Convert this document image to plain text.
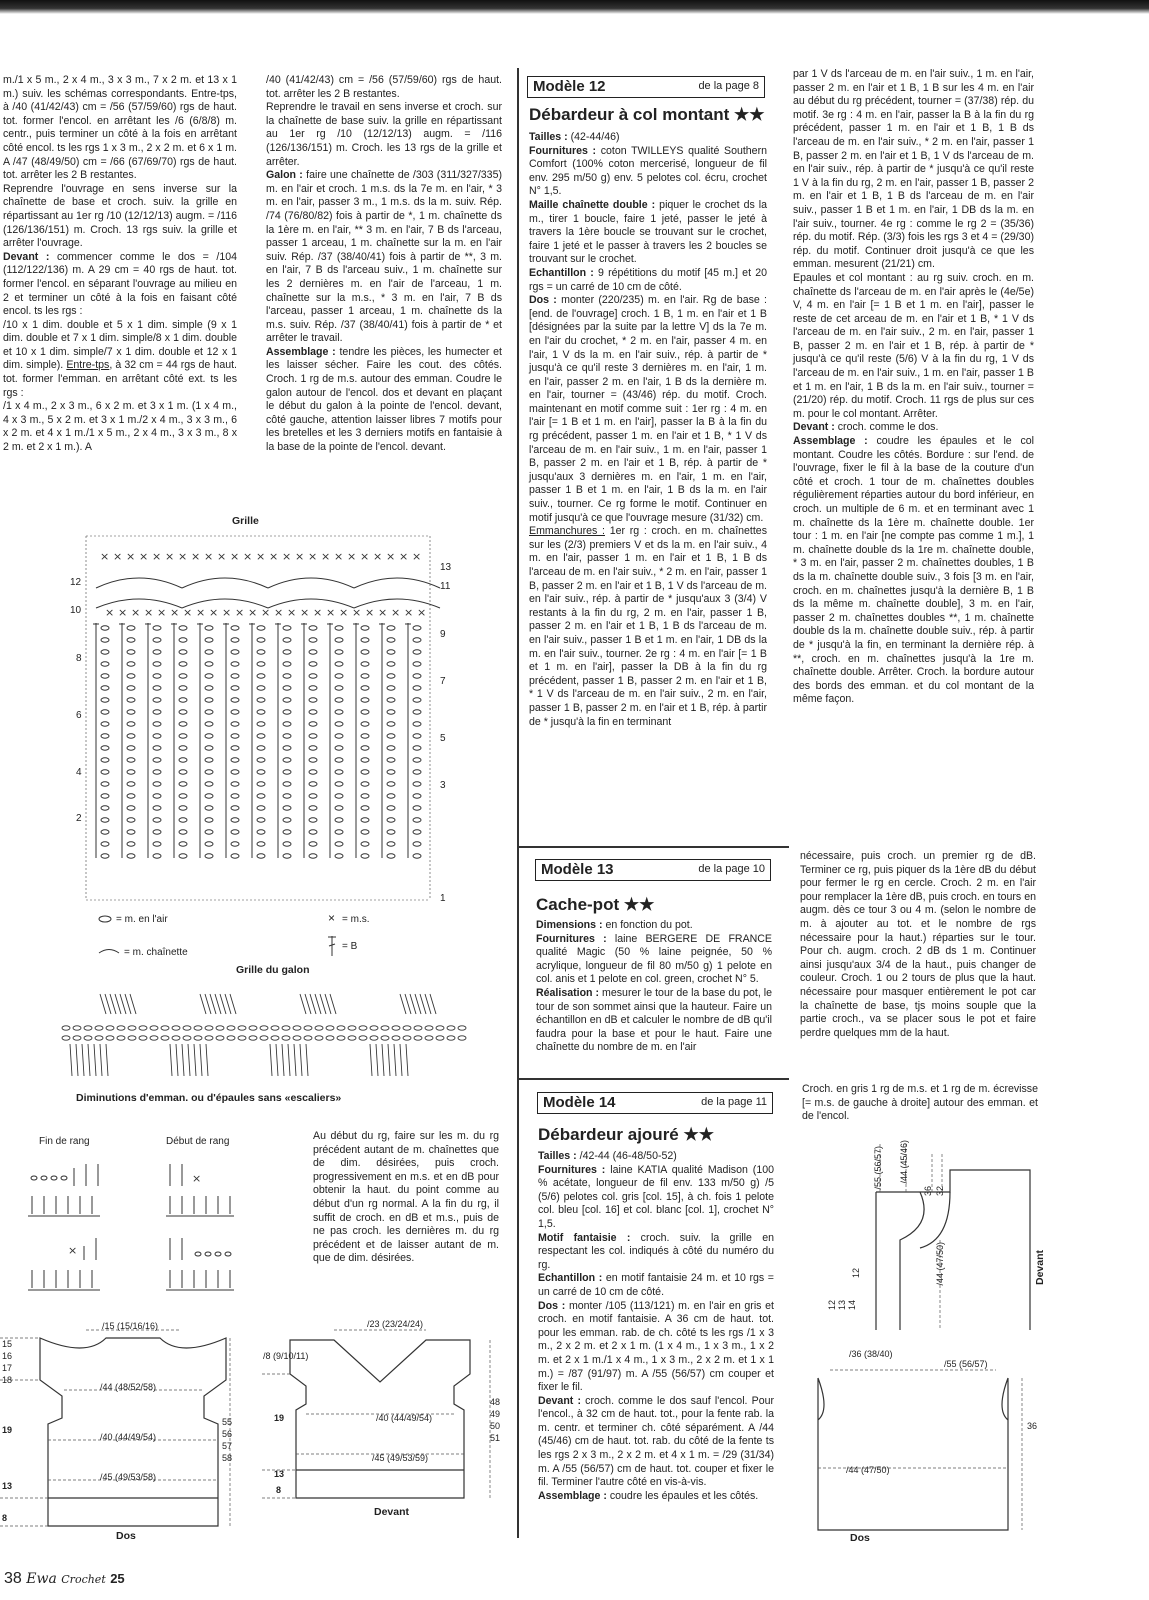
m./1 x 5 m., 2 x 4 m., 3 x 3 m., 7 x 2 m. et 13 x 1 m.) suiv. les schémas correspondants. Entre-tps, à /40 (41/42/43) cm = /56 (57/59/60) rgs de haut. tot. former l'encol. en arrêtant les /6 (6/8/8) m. centr., puis terminer un côté à la fois en arrêtant côté encol. ts les rgs 1 x 3 m., 2 x 2 m. et 6 x 1 m. A /47 (48/49/50) cm = /66 (67/69/70) rgs de haut. tot. arrêter les 2 B restantes.

Reprendre l'ouvrage en sens inverse sur la chaînette de base et croch. suiv. la grille en répartissant au 1er rg /10 (12/12/13) augm. = /116 (126/136/151) m. Croch. 13 rgs suiv. la grille et arrêter l'ouvrage.

Devant : commencer comme le dos = /104 (112/122/136) m. A 29 cm = 40 rgs de haut. tot. former l'encol. en séparant l'ouvrage au milieu en 2 et terminer un côté à la fois en faisant côté encol. ts les rgs :

/10 x 1 dim. double et 5 x 1 dim. simple (9 x 1 dim. double et 7 x 1 dim. simple/8 x 1 dim. double et 10 x 1 dim. simple/7 x 1 dim. double et 12 x 1 dim. simple). Entre-tps, à 32 cm = 44 rgs de haut. tot. former l'emman. en arrêtant côté ext. ts les rgs :

/1 x 4 m., 2 x 3 m., 6 x 2 m. et 3 x 1 m. (1 x 4 m., 4 x 3 m., 5 x 2 m. et 3 x 1 m./2 x 4 m., 3 x 3 m., 6 x 2 m. et 4 x 1 m./1 x 5 m., 2 x 4 m., 3 x 3 m., 8 x 2 m. et 2 x 1 m.). A

/40 (41/42/43) cm = /56 (57/59/60) rgs de haut. tot. arrêter les 2 B restantes.

Reprendre le travail en sens inverse et croch. sur la chaînette de base suiv. la grille en répartissant au 1er rg /10 (12/12/13) augm. = /116 (126/136/151) m. Croch. les 13 rgs de la grille et arrêter.

Galon : faire une chaînette de /303 (311/327/335) m. en l'air et croch. 1 m.s. ds la 7e m. en l'air, * 3 m. en l'air, passer 3 m., 1 m.s. ds la m. suiv. Rép. /74 (76/80/82) fois à partir de *, 1 m. chaînette ds la 1ère m. en l'air, ** 3 m. en l'air, 7 B ds l'arceau, passer 1 arceau, 1 m. chaînette sur la m. en l'air suiv. Rép. /37 (38/40/41) fois à partir de **, 3 m. en l'air, 7 B ds l'arceau suiv., 1 m. chaînette sur les 2 dernières m. en l'air de l'arceau, 1 m. chaînette sur la m.s., * 3 m. en l'air, 7 B ds l'arceau, passer 1 arceau, 1 m. chaînette ds la m.s. suiv. Rép. /37 (38/40/41) fois à partir de * et arrêter le travail.

Assemblage : tendre les pièces, les humecter et les laisser sécher. Faire les cout. des côtés. Croch. 1 rg de m.s. autour des emman. Coudre le galon autour de l'encol. dos et devant en plaçant le début du galon à la pointe de l'encol. devant, côté gauche, attention laisser libres 7 motifs pour les bretelles et les 3 derniers motifs en fantaisie à la base de la pointe de l'encol. devant.

Grille
×
×
×
×
×
×
×
×
×
×
×
×
×
×
×
×
×
×
×
×
×
×
×
×
×
×
×
×
×
×
×
×
×
×
×
×
×
×
×
×
×
×
×
×
×
×
×
×
×
×
12
10
8
6
4
2
13
11
9
7
5
3
1
= m. en l'air	× = m.s.
= m. chaînette
= B
Grille du galon
Diminutions d'emman. ou d'épaules sans «escaliers»
Fin de rang	Début de rang
×
×
Au début du rg, faire sur les m. du rg précédent autant de m. chaînettes que de dim. désirées, puis croch. progressivement en m.s. et en dB pour obtenir la haut. du point comme au début d'un rg normal. A la fin du rg, il suffit de croch. en dB et m.s., puis de ne pas croch. les dernières m. du rg précédent et de laisser autant de m. que de dim. désirées.
/15 (15/16/16)
/44 (48/52/58)
/40 (44/49/54)
/45 (49/53/58)
15
16
17
18
19
13
8
55
56
57
58
Dos
/23 (23/24/24)
/8 (9/10/11)
/40 (44/49/54)
/45 (49/53/59)
19
13
8
48
49
50
51
Devant
Modèle 12	de la page 8
Débardeur à col montant ★★

Tailles : (42-44/46)

Fournitures : coton TWILLEYS qualité Southern Comfort (100% coton mercerisé, longueur de fil env. 295 m/50 g) env. 5 pelotes col. écru, crochet N° 1,5.

Maille chaînette double : piquer le crochet ds la m., tirer 1 boucle, faire 1 jeté, passer le jeté à travers la 1ère boucle se trouvant sur le crochet, faire 1 jeté et le passer à travers les 2 boucles se trouvant sur le crochet.

Echantillon : 9 répétitions du motif [45 m.] et 20 rgs = un carré de 10 cm de côté.

Dos : monter (220/235) m. en l'air. Rg de base : [end. de l'ouvrage] croch. 1 B, 1 m. en l'air et 1 B [désignées par la suite par la lettre V] ds la 7e m. en l'air du crochet, * 2 m. en l'air, passer 4 m. en l'air, 1 V ds la m. en l'air suiv., rép. à partir de * jusqu'à ce qu'il reste 3 dernières m. en l'air, 1 m. en l'air, passer 2 m. en l'air, 1 B ds la dernière m. en l'air, tourner = (43/46) rép. du motif. Croch. maintenant en motif comme suit : 1er rg : 4 m. en l'air [= 1 B et 1 m. en l'air], passer la B à la fin du rg précédent, passer 1 m. en l'air et 1 B, * 1 V ds l'arceau de m. en l'air suiv., 1 m. en l'air, passer 1 B, passer 2 m. en l'air et 1 B, rép. à partir de * jusqu'aux 3 dernières m. en l'air, 1 m. en l'air, passer 1 B et 1 m. en l'air, 1 B ds la m. en l'air suiv., tourner. Ce rg forme le motif. Continuer en motif jusqu'à ce que l'ouvrage mesure (31/32) cm.

Emmanchures : 1er rg : croch. en m. chaînettes sur les (2/3) premiers V et ds la m. en l'air suiv., 4 m. en l'air, passer 1 m. en l'air et 1 B, 1 B ds l'arceau de m. en l'air suiv., * 2 m. en l'air, passer 1 B, passer 2 m. en l'air et 1 B, 1 V ds l'arceau de m. en l'air suiv., rép. à partir de * jusqu'aux 3 (3/4) V restants à la fin du rg, 2 m. en l'air, passer 1 B, passer 2 m. en l'air et 1 B, 1 B ds l'arceau de m. en l'air suiv., passer 1 B et 1 m. en l'air, 1 DB ds la m. en l'air suiv., tourner. 2e rg : 4 m. en l'air [= 1 B et 1 m. en l'air], passer la DB à la fin du rg précédent, passer 1 B, passer 2 m. en l'air et 1 B, * 1 V ds l'arceau de m. en l'air suiv., 2 m. en l'air, passer 1 B, passer 2 m. en l'air et 1 B, rép. à partir de * jusqu'à la fin en terminant

par 1 V ds l'arceau de m. en l'air suiv., 1 m. en l'air, passer 2 m. en l'air et 1 B, 1 B sur les 4 m. en l'air au début du rg précédent, tourner = (37/38) rép. du motif. 3e rg : 4 m. en l'air, passer la B à la fin du rg précédent, passer 1 m. en l'air et 1 B, 1 B ds l'arceau de m. en l'air suiv., * 2 m. en l'air, passer 1 B, passer 2 m. en l'air et 1 B, 1 V ds l'arceau de m. en l'air suiv., rép. à partir de * jusqu'à ce qu'il reste 1 V à la fin du rg, 2 m. en l'air, passer 1 B, passer 2 m. en l'air et 1 B, 1 B ds l'arceau de m. en l'air suiv., passer 1 B et 1 m. en l'air, 1 DB ds la m. en l'air suiv., tourner. 4e rg : comme le rg 2 = (35/36) rép. du motif. Rép. (3/3) fois les rgs 3 et 4 = (29/30) rép. du motif. Continuer droit jusqu'à ce que les emman. mesurent (21/21) cm.

Epaules et col montant : au rg suiv. croch. en m. chaînette ds l'arceau de m. en l'air après le (4e/5e) V, 4 m. en l'air [= 1 B et 1 m. en l'air], passer le reste de cet arceau de m. en l'air et 1 B, * 1 V ds l'arceau de m. en l'air suiv., 2 m. en l'air, passer 1 B, passer 2 m. en l'air et 1 B, rép. à partir de * jusqu'à ce qu'il reste (5/6) V à la fin du rg, 1 V ds l'arceau de m. en l'air suiv., 1 m. en l'air, passer 1 B et 1 m. en l'air, 1 B ds la m. en l'air suiv., tourner = (21/20) rép. du motif. Croch. 11 rgs de plus sur ces m. pour le col montant. Arrêter.

Devant : croch. comme le dos.

Assemblage : coudre les épaules et le col montant. Coudre les côtés. Bordure : sur l'end. de l'ouvrage, fixer le fil à la base de la couture d'un côté et croch. 1 tour de m. chaînettes doubles régulièrement réparties autour du bord inférieur, en croch. un multiple de 6 m. et en terminant avec 1 m. chaînette ds la 1ère m. chaînette double. 1er tour : 1 m. en l'air [ne compte pas comme 1 m.], 1 m. chaînette double ds la 1re m. chaînette double, * 3 m. en l'air, passer 2 m. chaînettes doubles, 1 B ds la m. chaînette double suiv., 3 fois [3 m. en l'air, croch. en m. chaînettes jusqu'à la dernière B, 1 B ds la même m. chaînette double], 3 m. en l'air, passer 2 m. chaînettes doubles **, 1 m. chaînette double ds la m. chaînette double suiv., rép. à partir de * jusqu'à la fin, en terminant la dernière rép. à **, croch. en m. chaînettes jusqu'à la 1re m. chaînette double. Arrêter. Croch. la bordure autour des bords des emman. et du col montant de la même façon.

Modèle 13	de la page 10
Cache-pot ★★

Dimensions : en fonction du pot.

Fournitures : laine BERGERE DE FRANCE qualité Magic (50 % laine peignée, 50 % acrylique, longueur de fil 80 m/50 g) 1 pelote en col. anis et 1 pelote en col. green, crochet N° 5.

Réalisation : mesurer le tour de la base du pot, le tour de son sommet ainsi que la hauteur. Faire un échantillon en dB et calculer le nombre de dB qu'il faudra pour la base et pour le haut. Faire une chaînette du nombre de m. en l'air

nécessaire, puis croch. un premier rg de dB. Terminer ce rg, puis piquer ds la 1ère dB du début pour fermer le rg en cercle. Croch. 2 m. en l'air pour remplacer la 1ère dB, puis croch. en tours en augm. dès ce tour 3 ou 4 m. (selon le nombre de m. à ajouter au tot. et le nombre de rgs nécessaire pour la haut.) réparties sur le tour. Pour ch. augm. croch. 2 dB ds 1 m. Continuer ainsi jusqu'aux 3/4 de la haut., puis changer de couleur. Croch. 1 ou 2 tours de plus que la haut. nécessaire pour masquer entièrement le pot car la chaînette de base, tjs moins souple que la partie croch., va se placer sous le pot et faire perdre quelques mm de la haut.
Modèle 14	de la page 11
Débardeur ajouré ★★

Tailles : /42-44 (46-48/50-52)

Fournitures : laine KATIA qualité Madison (100 % acétate, longueur de fil env. 133 m/50 g) /5 (5/6) pelotes col. gris [col. 15], à ch. fois 1 pelote col. bleu [col. 16] et col. blanc [col. 1], crochet N° 1,5.

Motif fantaisie : croch. suiv. la grille en respectant les col. indiqués à côté du numéro du rg.

Echantillon : en motif fantaisie 24 m. et 10 rgs = un carré de 10 cm de côté.

Dos : monter /105 (113/121) m. en l'air en gris et croch. en motif fantaisie. A 36 cm de haut. tot. pour les emman. rab. de ch. côté ts les rgs /1 x 3 m., 2 x 2 m. et 2 x 1 m. (1 x 4 m., 1 x 3 m., 1 x 2 m. et 2 x 1 m./1 x 4 m., 1 x 3 m., 2 x 2 m. et 1 x 1 m.) = /87 (91/97) m. A /55 (56/57) cm couper et fixer le fil.

Devant : croch. comme le dos sauf l'encol. Pour l'encol., à 32 cm de haut. tot., pour la fente rab. la m. centr. et terminer ch. côté séparément. A /44 (45/46) cm de haut. tot. rab. du côté de la fente ts les rgs 2 x 3 m., 2 x 2 m. et 4 x 1 m. = /29 (31/34) m. A /55 (56/57) cm de haut. tot. couper et fixer le fil. Terminer l'autre côté en vis-à-vis.

Assemblage : coudre les épaules et les côtés.

Croch. en gris 1 rg de m.s. et 1 rg de m. écrevisse [= m.s. de gauche à droite] autour des emman. et de l'encol.
/55 (56/57) /44 (45/46)
36 32
/44 (47/50)
12
12 13 14
Devant
/36 (38/40)
/55 (56/57)
36
/44 (47/50)
Dos
38 Ewa Crochet 25
